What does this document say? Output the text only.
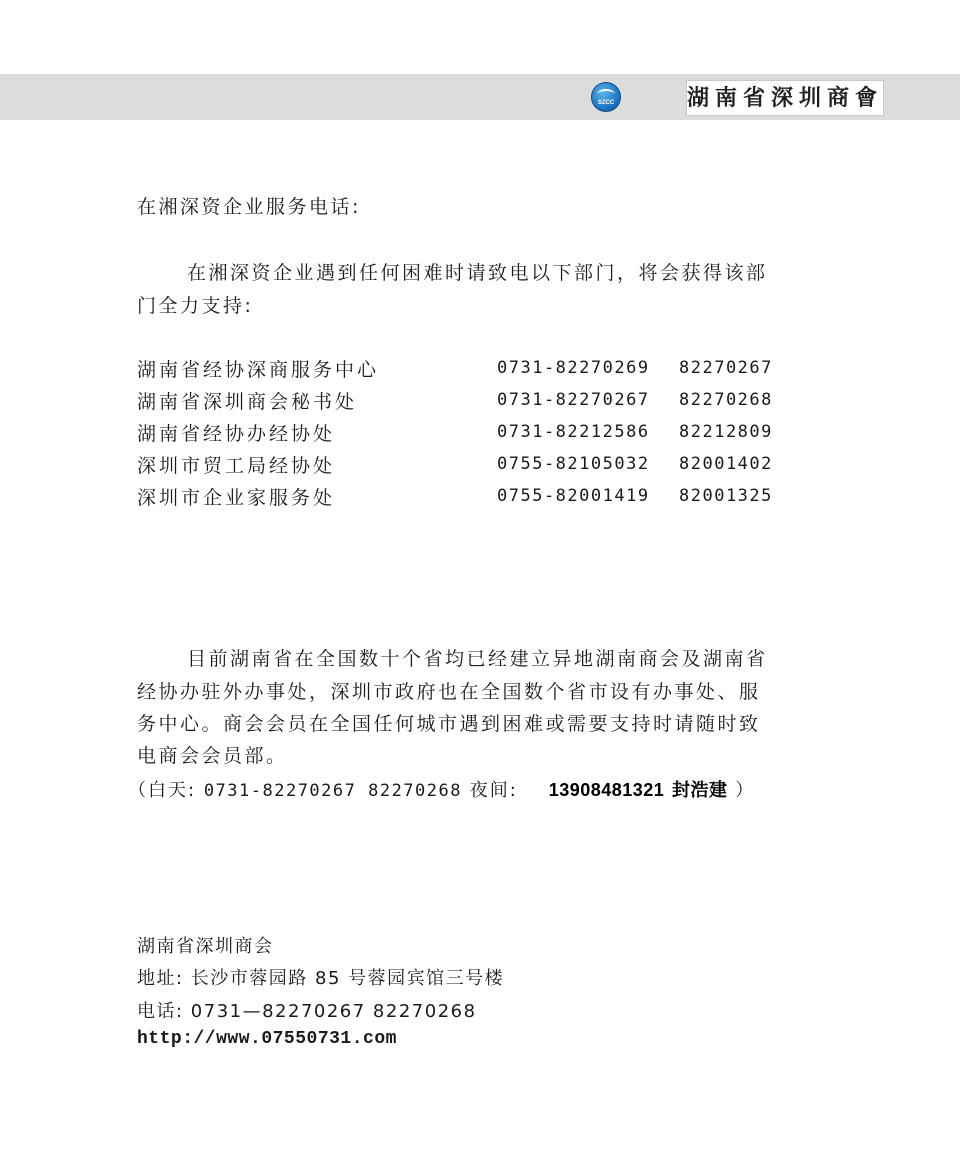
SZCC	湖南省深圳商會

在湘深资企业服务电话:

在湘深资企业遇到任何困难时请致电以下部门，将会获得该部

门全力支持:

湖南省经协深商服务中心	0731-82270269	82270267
湖南省深圳商会秘书处	0731-82270267	82270268
湖南省经协办经协处	0731-82212586	82212809
深圳市贸工局经协处	0755-82105032	82001402
深圳市企业家服务处	0755-82001419	82001325

目前湖南省在全国数十个省均已经建立异地湖南商会及湖南省

经协办驻外办事处，深圳市政府也在全国数个省市设有办事处、服

务中心。商会会员在全国任何城市遇到困难或需要支持时请随时致

电商会会员部。

（白天: 0731-82270267 82270268 夜间: 13908481321 封浩建 ）

湖南省深圳商会

地址: 长沙市蓉园路 85 号蓉园宾馆三号楼

电话: 0731—82270267 82270268

http://www.07550731.com
